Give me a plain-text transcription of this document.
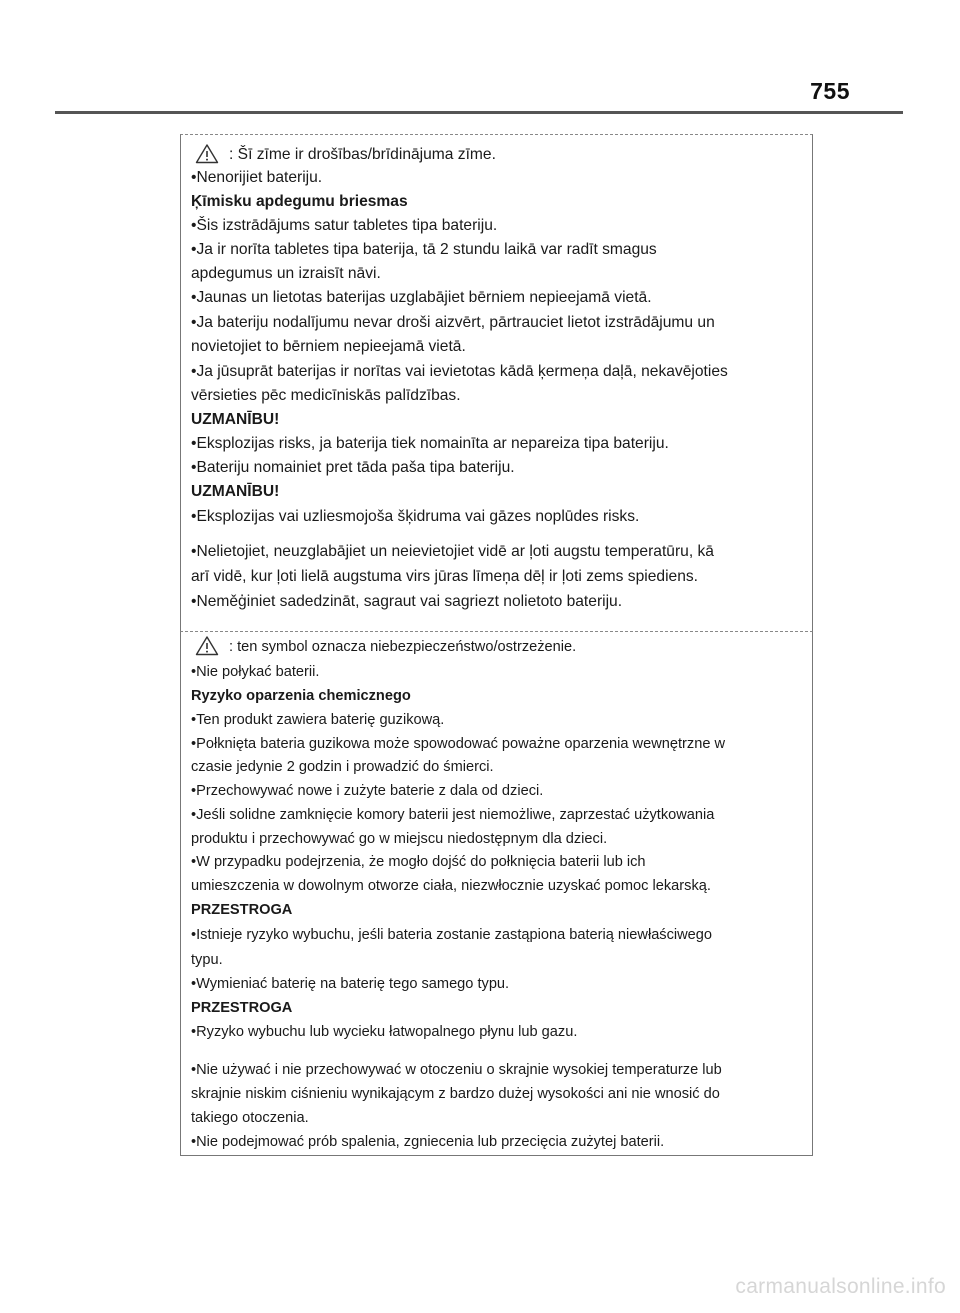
755
: Šī zīme ir drošības/brīdinājuma zīme.
•Nenorijiet bateriju.
Ķīmisku apdegumu briesmas
•Šis izstrādājums satur tabletes tipa bateriju.
•Ja ir norīta tabletes tipa baterija, tā 2 stundu laikā var radīt smagus
apdegumus un izraisīt nāvi.
•Jaunas un lietotas baterijas uzglabājiet bērniem nepieejamā vietā.
•Ja bateriju nodalījumu nevar droši aizvērt, pārtrauciet lietot izstrādājumu un
novietojiet to bērniem nepieejamā vietā.
•Ja jūsuprāt baterijas ir norītas vai ievietotas kādā ķermeņa daļā, nekavējoties
vērsieties pēc medicīniskās palīdzības.
UZMANĪBU!
•Eksplozijas risks, ja baterija tiek nomainīta ar nepareiza tipa bateriju.
•Bateriju nomainiet pret tāda paša tipa bateriju.
UZMANĪBU!
•Eksplozijas vai uzliesmojoša šķidruma vai gāzes noplūdes risks.
•Nelietojiet, neuzglabājiet un neievietojiet vidē ar ļoti augstu temperatūru, kā
arī vidē, kur ļoti lielā augstuma virs jūras līmeņa dēļ ir ļoti zems spiediens.
•Neměģiniet sadedzināt, sagraut vai sagriezt nolietoto bateriju.
: ten symbol oznacza niebezpieczeństwo/ostrzeżenie.
•Nie połykać baterii.
Ryzyko oparzenia chemicznego
•Ten produkt zawiera baterię guzikową.
•Połknięta bateria guzikowa może spowodować poważne oparzenia wewnętrzne w
czasie jedynie 2 godzin i prowadzić do śmierci.
•Przechowywać nowe i zużyte baterie z dala od dzieci.
•Jeśli solidne zamknięcie komory baterii jest niemożliwe, zaprzestać użytkowania
produktu i przechowywać go w miejscu niedostępnym dla dzieci.
•W przypadku podejrzenia, że mogło dojść do połknięcia baterii lub ich
umieszczenia w dowolnym otworze ciała, niezwłocznie uzyskać pomoc lekarską.
PRZESTROGA
•Istnieje ryzyko wybuchu, jeśli bateria zostanie zastąpiona baterią niewłaściwego
typu.
•Wymieniać baterię na baterię tego samego typu.
PRZESTROGA
•Ryzyko wybuchu lub wycieku łatwopalnego płynu lub gazu.
•Nie używać i nie przechowywać w otoczeniu o skrajnie wysokiej temperaturze lub
skrajnie niskim ciśnieniu wynikającym z bardzo dużej wysokości ani nie wnosić do
takiego otoczenia.
•Nie podejmować prób spalenia, zgniecenia lub przecięcia zużytej baterii.
carmanualsonline.info
